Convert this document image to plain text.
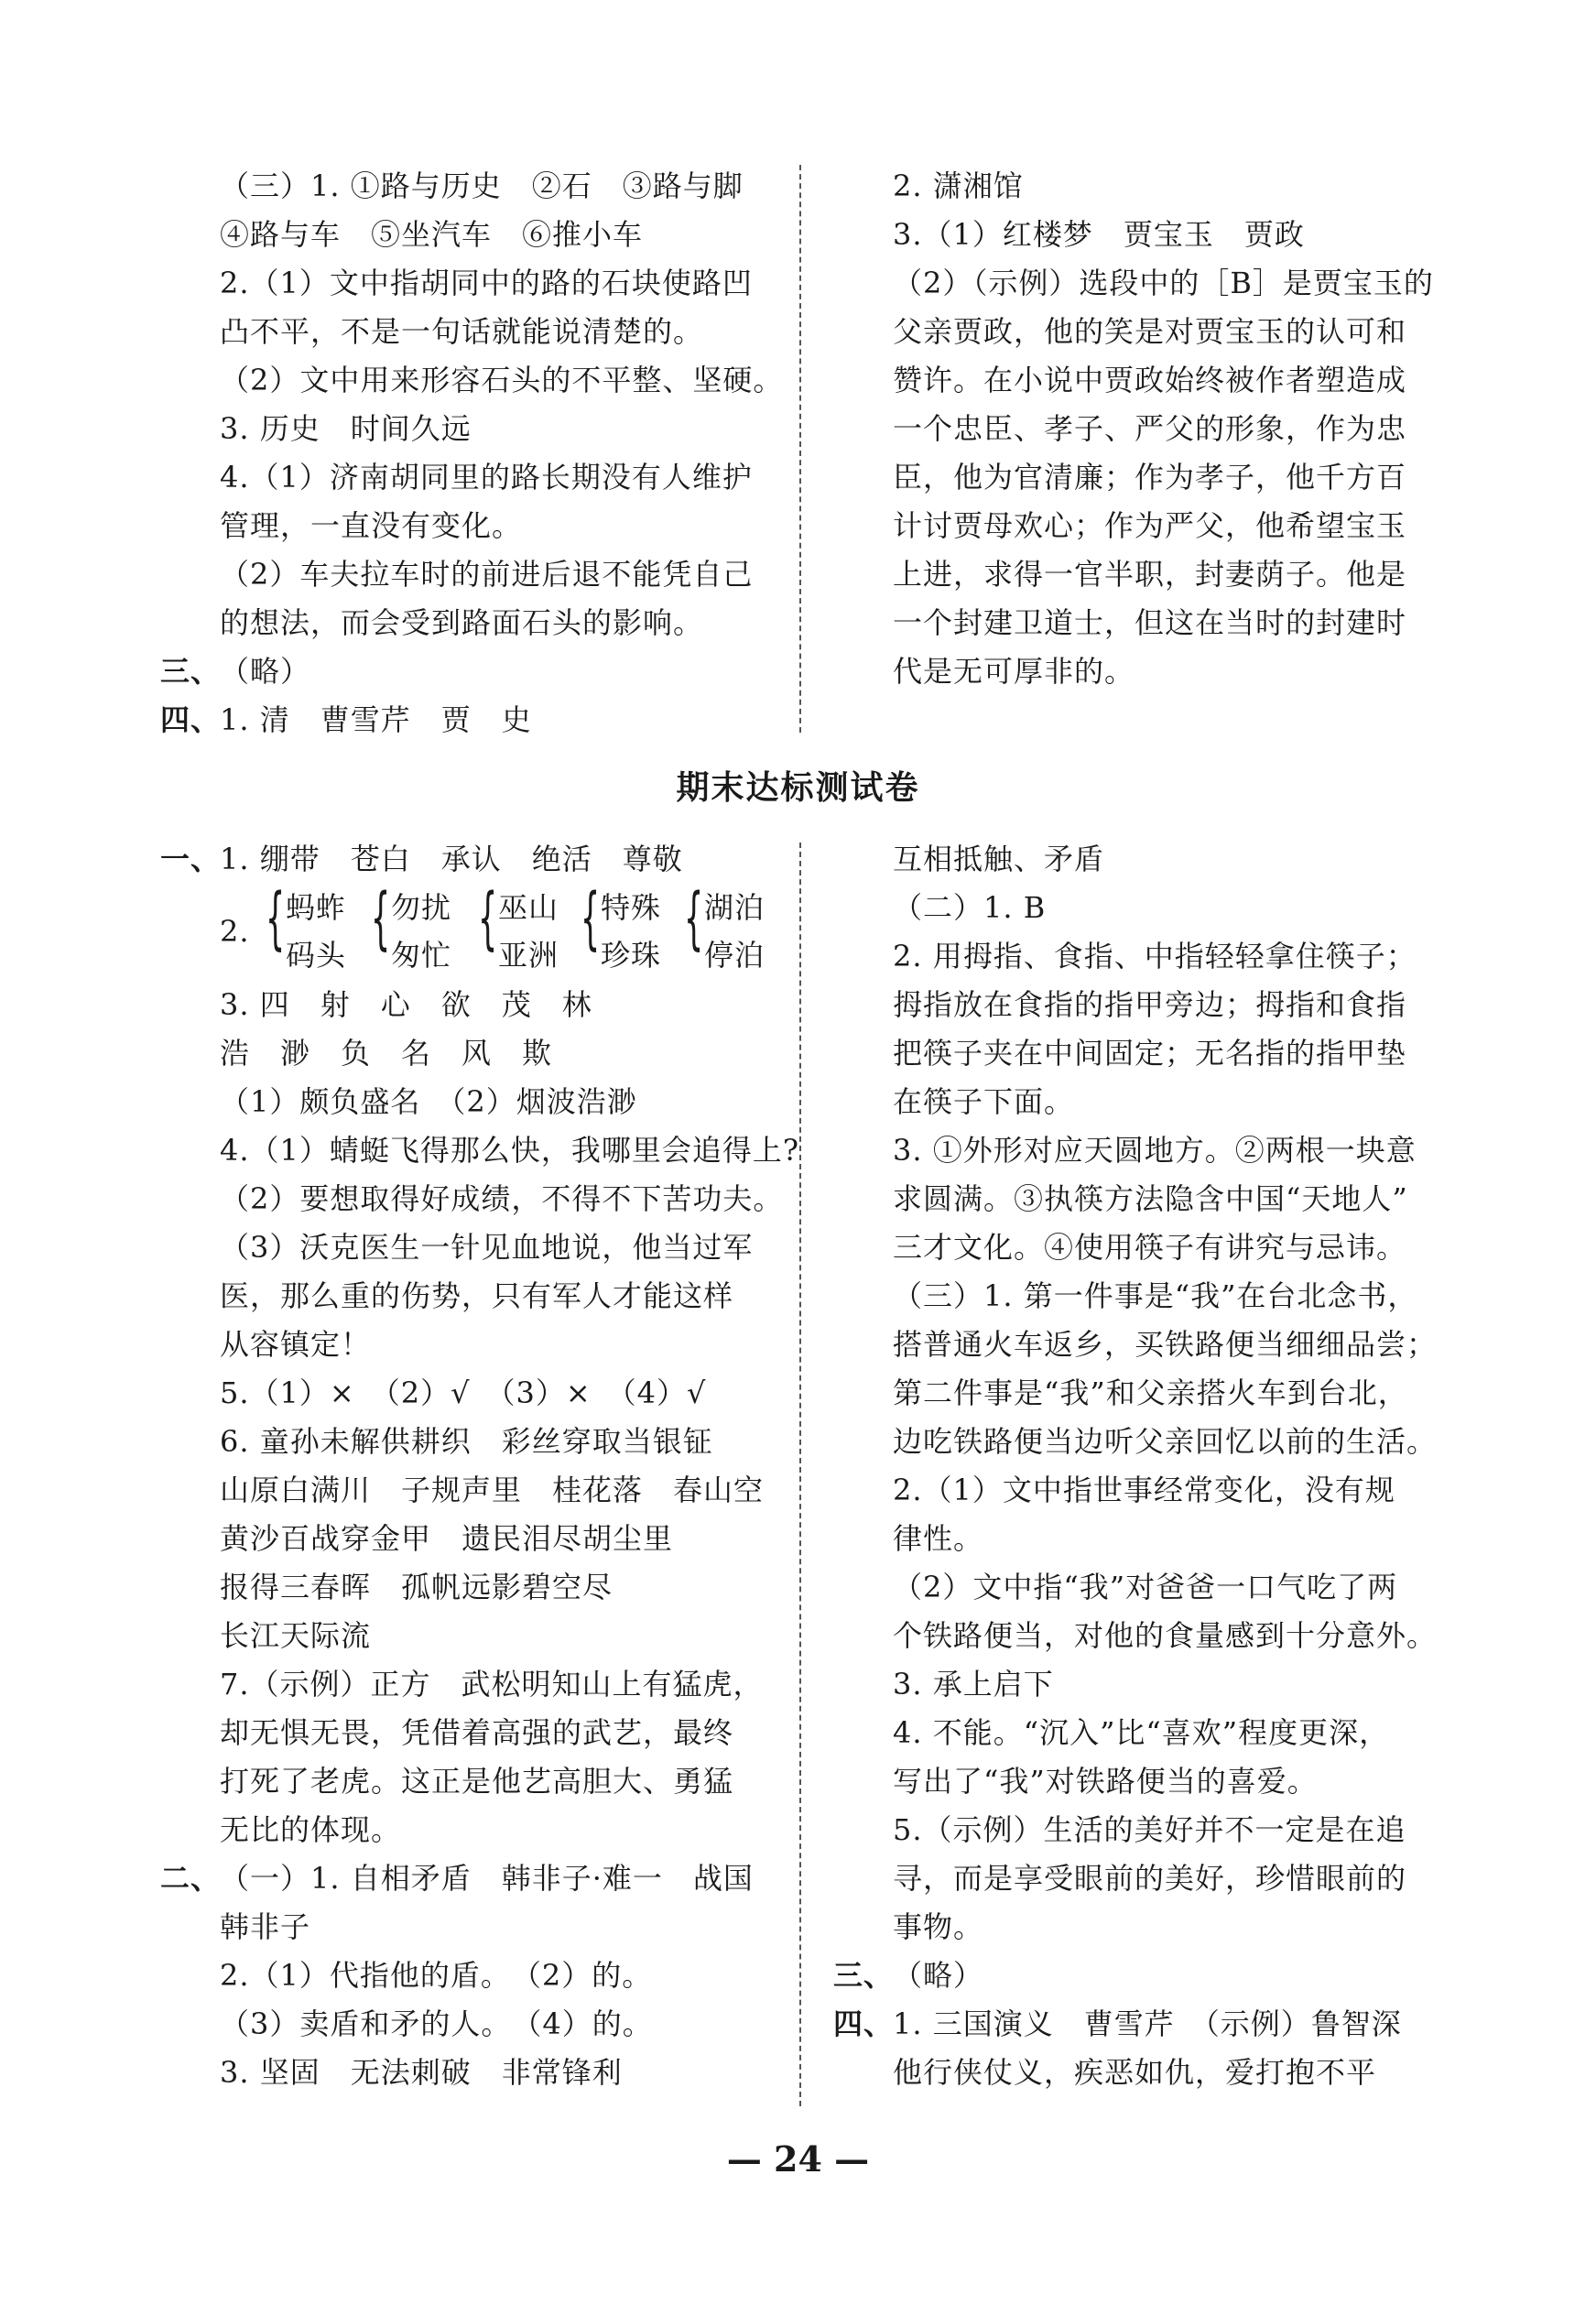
（三）1. ①路与历史　②石　③路与脚
④路与车　⑤坐汽车　⑥推小车
2.（1）文中指胡同中的路的石块使路凹
凸不平，不是一句话就能说清楚的。
（2）文中用来形容石头的不平整、坚硬。
3. 历史　时间久远
4.（1）济南胡同里的路长期没有人维护
管理，一直没有变化。
（2）车夫拉车时的前进后退不能凭自己
的想法，而会受到路面石头的影响。
三、
（略）
四、
1. 清　曹雪芹　贾　史
2. 潇湘馆
3.（1）红楼梦　贾宝玉　贾政
（2）（示例）选段中的［B］是贾宝玉的
父亲贾政，他的笑是对贾宝玉的认可和
赞许。在小说中贾政始终被作者塑造成
一个忠臣、孝子、严父的形象，作为忠
臣，他为官清廉；作为孝子，他千方百
计讨贾母欢心；作为严父，他希望宝玉
上进，求得一官半职，封妻荫子。他是
一个封建卫道士，但这在当时的封建时
代是无可厚非的。
期末达标测试卷
一、
1. 绷带　苍白　承认　绝活　尊敬
2. { 蚂蚱
码头 { 勿扰
匆忙 { 巫山
亚洲 { 特殊
珍珠 { 湖泊
停泊
3. 四　射　心　欲　茂　林
浩　渺　负　名　风　欺
（1）颇负盛名　（2）烟波浩渺
4.（1）蜻蜓飞得那么快，我哪里会追得上?
（2）要想取得好成绩，不得不下苦功夫。
（3）沃克医生一针见血地说，他当过军
医，那么重的伤势，只有军人才能这样
从容镇定！
5.（1）×　（2）√　（3）×　（4）√
6. 童孙未解供耕织　彩丝穿取当银钲
山原白满川　子规声里　桂花落　春山空
黄沙百战穿金甲　遗民泪尽胡尘里
报得三春晖　孤帆远影碧空尽
长江天际流
7.（示例）正方　武松明知山上有猛虎，
却无惧无畏，凭借着高强的武艺，最终
打死了老虎。这正是他艺高胆大、勇猛
无比的体现。
二、
（一）1. 自相矛盾　韩非子·难一　战国
韩非子
2.（1）代指他的盾。　（2）的。
（3）卖盾和矛的人。　（4）的。
3. 坚固　无法刺破　非常锋利
互相抵触、矛盾
（二）1. B
2. 用拇指、食指、中指轻轻拿住筷子；
拇指放在食指的指甲旁边；拇指和食指
把筷子夹在中间固定；无名指的指甲垫
在筷子下面。
3. ①外形对应天圆地方。②两根一块意
求圆满。③执筷方法隐含中国“天地人”
三才文化。④使用筷子有讲究与忌讳。
（三）1. 第一件事是“我”在台北念书，
搭普通火车返乡，买铁路便当细细品尝；
第二件事是“我”和父亲搭火车到台北，
边吃铁路便当边听父亲回忆以前的生活。
2.（1）文中指世事经常变化，没有规
律性。
（2）文中指“我”对爸爸一口气吃了两
个铁路便当，对他的食量感到十分意外。
3. 承上启下
4. 不能。“沉入”比“喜欢”程度更深，
写出了“我”对铁路便当的喜爱。
5.（示例）生活的美好并不一定是在追
寻，而是享受眼前的美好，珍惜眼前的
事物。
三、
（略）
四、
1. 三国演义　曹雪芹　（示例）鲁智深
他行侠仗义，疾恶如仇，爱打抱不平
— 24 —
